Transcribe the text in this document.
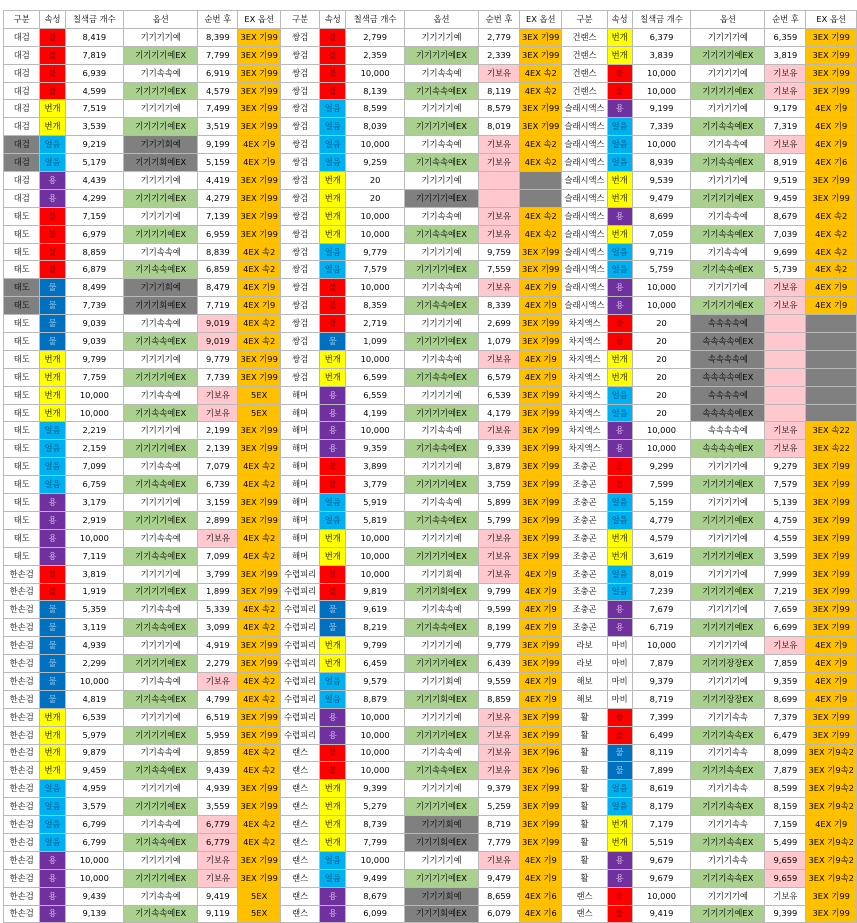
구분	속성	칠색금 개수	옵션	순번 후	EX 옵션	구분	속성	칠색금 개수	옵션	순번 후	EX 옵션	구분	속성	칠색금 개수	옵션	순번 후	EX 옵션
대검	불	8,419	기기기기예	8,399	3EX 기99	쌍검	불	2,799	기기기기예	2,779	3EX 기99	건랜스	번개	6,379	기기기기예	6,359	3EX 기99
대검	불	7,819	기기기기예EX	7,799	3EX 기99	쌍검	불	2,359	기기기기예EX	2,339	3EX 기99	건랜스	번개	3,839	기기기기예EX	3,819	3EX 기99
대검	불	6,939	기기속속예	6,919	3EX 기99	쌍검	불	10,000	기기속속예	기보유	4EX 속2	건랜스	불	10,000	기기기기예	기보유	3EX 기99
대검	불	4,599	기기기기예EX	4,579	3EX 기99	쌍검	불	8,139	기기속속예EX	8,119	4EX 속2	건랜스	불	10,000	기기기기예EX	기보유	3EX 기99
대검	번개	7,519	기기기기예	7,499	3EX 기99	쌍검	얼음	8,599	기기기기예	8,579	3EX 기99	슬래시액스	용	9,199	기기기기예	9,179	4EX 기9
대검	번개	3,539	기기기기예EX	3,519	3EX 기99	쌍검	얼음	8,039	기기기기예EX	8,019	3EX 기99	슬래시액스	얼음	7,339	기기속속예EX	7,319	4EX 기9
대검	얼음	9,219	기기기회예	9,199	4EX 기9	쌍검	얼음	10,000	기기속속예	기보유	4EX 속2	슬래시액스	얼음	10,000	기기속속예	기보유	4EX 기9
대검	얼음	5,179	기기기회예EX	5,159	4EX 기9	쌍검	얼음	9,259	기기속속예EX	기보유	4EX 속2	슬래시액스	얼음	8,939	기기속속예EX	8,919	4EX 기6
대검	용	4,439	기기기기예	4,419	3EX 기99	쌍검	번개	20	기기기기예			슬래시액스	번개	9,539	기기기기예	9,519	3EX 기99
대검	용	4,299	기기기기예EX	4,279	3EX 기99	쌍검	번개	20	기기기기예EX			슬래시액스	번개	9,479	기기기기예EX	9,459	3EX 기99
태도	불	7,159	기기기기예	7,139	3EX 기99	쌍검	번개	10,000	기기속속예	기보유	4EX 속2	슬래시액스	용	8,699	기기속속예	8,679	4EX 속2
태도	불	6,979	기기기기예EX	6,959	3EX 기99	쌍검	번개	10,000	기기속속예EX	기보유	4EX 속2	슬래시액스	번개	7,059	기기속속예EX	7,039	4EX 속2
태도	불	8,859	기기속속예	8,839	4EX 속2	쌍검	얼음	9,779	기기기기예	9,759	3EX 기99	슬래시액스	얼음	9,719	기기속속예	9,699	4EX 속2
태도	불	6,879	기기속속예EX	6,859	4EX 속2	쌍검	얼음	7,579	기기기기예EX	7,559	3EX 기99	슬래시액스	얼음	5,759	기기속속예EX	5,739	4EX 속2
태도	물	8,499	기기기회예	8,479	4EX 기9	쌍검	불	10,000	기기속속예	기보유	4EX 기9	슬래시액스	용	10,000	기기기기예	기보유	4EX 기9
태도	물	7,739	기기기회예EX	7,719	4EX 기9	쌍검	불	8,359	기기속속예EX	8,339	4EX 기9	슬래시액스	용	10,000	기기기기예EX	기보유	4EX 기9
태도	물	9,039	기기속속예	9,019	4EX 속2	쌍검	불	2,719	기기기기예	2,699	3EX 기99	차지액스	불	20	속속속속예		
태도	물	9,039	기기속속예EX	9,019	4EX 속2	쌍검	물	1,099	기기기기예EX	1,079	3EX 기99	차지액스	불	20	속속속속예EX		
태도	번개	9,799	기기기기예	9,779	3EX 기99	쌍검	번개	10,000	기기속속예	기보유	4EX 기9	차지액스	번개	20	속속속속예		
태도	번개	7,759	기기기기예EX	7,739	3EX 기99	쌍검	번개	6,599	기기속속예EX	6,579	4EX 기9	차지액스	번개	20	속속속속예EX		
태도	번개	10,000	기기속속예	기보유	5EX	해머	용	6,559	기기기기예	6,539	3EX 기99	차지액스	얼음	20	속속속속예		
태도	번개	10,000	기기속속예EX	기보유	5EX	해머	용	4,199	기기기기예EX	4,179	3EX 기99	차지액스	얼음	20	속속속속예EX		
태도	얼음	2,219	기기기기예	2,199	3EX 기99	해머	용	10,000	기기속속예	기보유	3EX 기99	차지액스	용	10,000	속속속속예	기보유	3EX 속22
태도	얼음	2,159	기기기기예EX	2,139	3EX 기99	해머	용	9,359	기기속속예EX	9,339	3EX 기99	차지액스	용	10,000	속속속속예EX	기보유	3EX 속22
태도	얼음	7,099	기기속속예	7,079	4EX 속2	해머	불	3,899	기기기기예	3,879	3EX 기99	조충곤	불	9,299	기기기기예	9,279	3EX 기99
태도	얼음	6,759	기기속속예EX	6,739	4EX 속2	해머	불	3,779	기기기기예EX	3,759	3EX 기99	조충곤	불	7,599	기기기기예EX	7,579	3EX 기99
태도	용	3,179	기기기기예	3,159	3EX 기99	해머	얼음	5,919	기기속속예	5,899	3EX 기99	조충곤	얼음	5,159	기기기기예	5,139	3EX 기99
태도	용	2,919	기기기기예EX	2,899	3EX 기99	해머	얼음	5,819	기기속속예EX	5,799	3EX 기99	조충곤	얼음	4,779	기기기기예EX	4,759	3EX 기99
태도	용	10,000	기기속속예	기보유	4EX 속2	해머	번개	10,000	기기기기예	기보유	3EX 기99	조충곤	번개	4,579	기기기기예	4,559	3EX 기99
태도	용	7,119	기기속속예EX	7,099	4EX 속2	해머	번개	10,000	기기기기예EX	기보유	3EX 기99	조충곤	번개	3,619	기기기기예EX	3,599	3EX 기99
한손검	불	3,819	기기기기예	3,799	3EX 기99	수렵피리	불	10,000	기기기회예	기보유	4EX 기9	조충곤	얼음	8,019	기기기기예	7,999	3EX 기99
한손검	불	1,919	기기기기예EX	1,899	3EX 기99	수렵피리	불	9,819	기기기회예EX	9,799	4EX 기9	조충곤	얼음	7,239	기기기기예EX	7,219	3EX 기99
한손검	물	5,359	기기속속예	5,339	4EX 속2	수렵피리	물	9,619	기기속속예	9,599	4EX 기9	조충곤	용	7,679	기기기기예	7,659	3EX 기99
한손검	물	3,119	기기속속예EX	3,099	4EX 속2	수렵피리	물	8,219	기기속속예EX	8,199	4EX 기9	조충곤	용	6,719	기기기기예EX	6,699	3EX 기99
한손검	물	4,939	기기기기예	4,919	3EX 기99	수렵피리	번개	9,799	기기기기예	9,779	3EX 기99	라보	마비	10,000	기기기기예	기보유	4EX 기9
한손검	물	2,299	기기기기예EX	2,279	3EX 기99	수렵피리	번개	6,459	기기기기예EX	6,439	3EX 기99	라보	마비	7,879	기기기장장EX	7,859	4EX 기9
한손검	물	10,000	기기속속예	기보유	4EX 속2	수렵피리	얼음	9,579	기기기회예	9,559	4EX 기9	해보	마비	9,379	기기기기예	9,359	4EX 기9
한손검	물	4,819	기기속속예EX	4,799	4EX 속2	수렵피리	얼음	8,879	기기기회예EX	8,859	4EX 기9	해보	마비	8,719	기기기장장EX	8,699	4EX 기9
한손검	번개	6,539	기기기기예	6,519	3EX 기99	수렵피리	용	10,000	기기기기예	기보유	3EX 기99	활	불	7,399	기기기속속	7,379	3EX 기99
한손검	번개	5,979	기기기기예EX	5,959	3EX 기99	수렵피리	용	10,000	기기기기예EX	기보유	3EX 기99	활	불	6,499	기기기속속EX	6,479	3EX 기99
한손검	번개	9,879	기기속속예	9,859	4EX 속2	랜스	불	10,000	기기속속예	기보유	3EX 기96	활	물	8,119	기기기속속	8,099	3EX 기9속2
한손검	번개	9,459	기기속속예EX	9,439	4EX 속2	랜스	불	10,000	기기속속예EX	기보유	3EX 기96	활	물	7,899	기기기속속EX	7,879	3EX 기9속2
한손검	얼음	4,959	기기기기예	4,939	3EX 기99	랜스	번개	9,399	기기기기예	9,379	3EX 기99	활	얼음	8,619	기기기속속	8,599	3EX 기9속2
한손검	얼음	3,579	기기기기예EX	3,559	3EX 기99	랜스	번개	5,279	기기기기예EX	5,259	3EX 기99	활	얼음	8,179	기기기속속EX	8,159	3EX 기9속2
한손검	얼음	6,799	기기속속예	6,779	4EX 속2	랜스	번개	8,739	기기기회예	8,719	3EX 기99	활	번개	7,179	기기기속속	7,159	4EX 기9
한손검	얼음	6,799	기기속속예EX	6,779	4EX 속2	랜스	번개	7,799	기기기회예EX	7,779	3EX 기99	활	번개	5,519	기기기속속EX	5,499	3EX 기9속2
한손검	용	10,000	기기기기예	기보유	3EX 기99	랜스	얼음	10,000	기기기기예	기보유	4EX 기9	활	용	9,679	기기기속속	9,659	3EX 기9속2
한손검	용	10,000	기기기기예EX	기보유	3EX 기99	랜스	얼음	9,499	기기기기예EX	9,479	4EX 기9	활	용	9,679	기기기속속EX	9,659	3EX 기9속2
한손검	용	9,439	기기속속예	9,419	5EX	랜스	용	8,679	기기기회예	8,659	4EX 기6	랜스	불	10,000	기기기기예	기보유	3EX 기99
한손검	용	9,139	기기속속예EX	9,119	5EX	랜스	용	6,099	기기기회예EX	6,079	4EX 기6	랜스	불	9,419	기기기기예EX	9,399	3EX 기99
